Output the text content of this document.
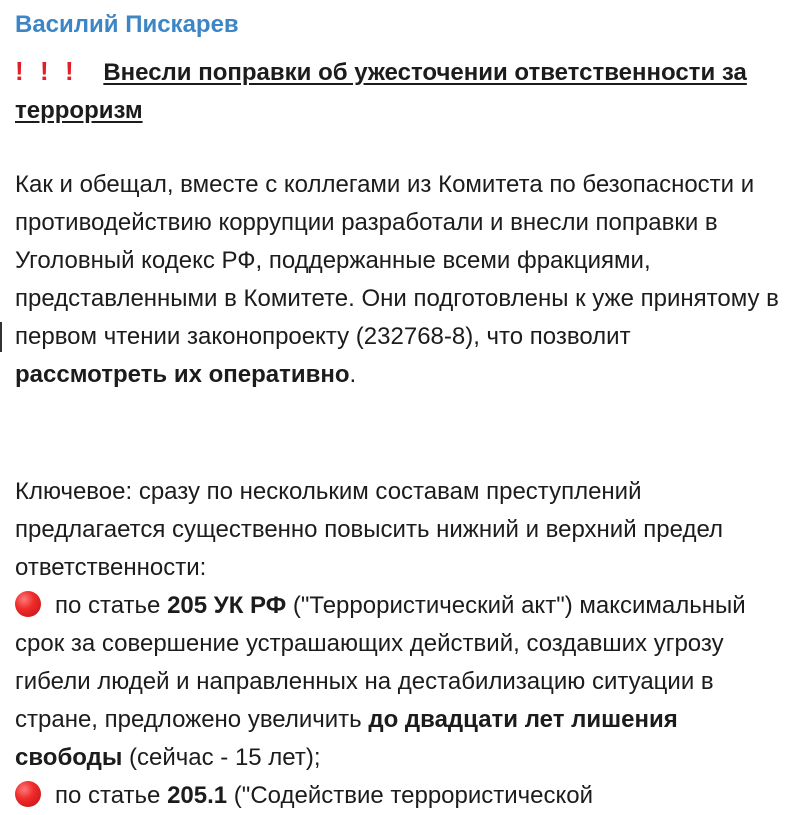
Василий Пискарев
! ! ! Внесли поправки об ужесточении ответственности за терроризм

Как и обещал, вместе с коллегами из Комитета по безопасности и противодействию коррупции разработали и внесли поправки в Уголовный кодекс РФ, поддержанные всеми фракциями, представленными в Комитете. Они подготовлены к уже принятому в первом чтении законопроекту (232768-8), что позволит рассмотреть их оперативно.

Ключевое: сразу по нескольким составам преступлений предлагается существенно повысить нижний и верхний предел ответственности:
по статье 205 УК РФ ("Террористический акт") максимальный срок за совершение устрашающих действий, создавших угрозу гибели людей и направленных на дестабилизацию ситуации в стране, предложено увеличить до двадцати лет лишения свободы (сейчас - 15 лет);
по статье 205.1 ("Содействие террористической
